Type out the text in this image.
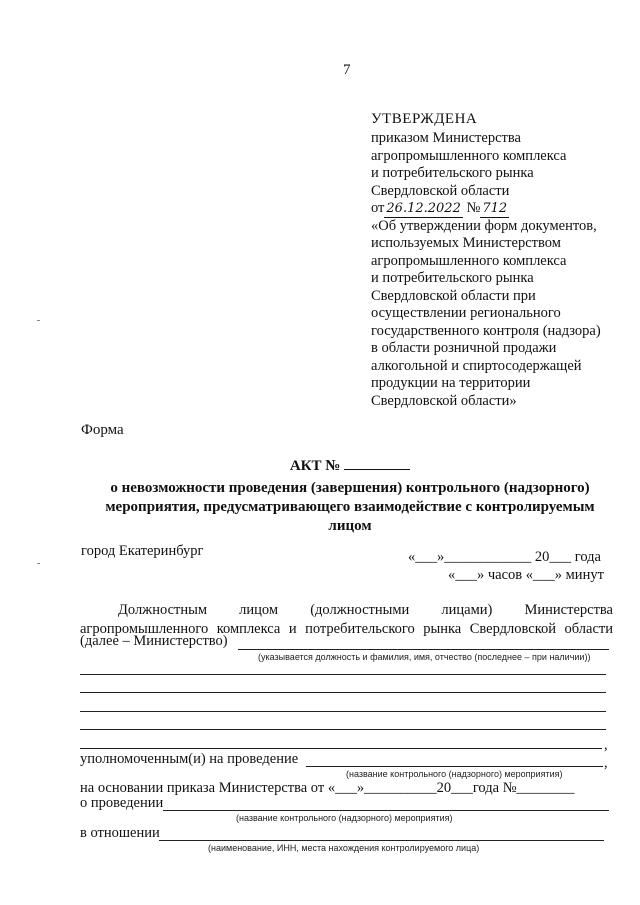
7
УТВЕРЖДЕНА
приказом Министерства
агропромышленного комплекса
и потребительского рынка
Свердловской области
от 26.12.2022 № 712
«Об утверждении форм документов,
используемых Министерством
агропромышленного комплекса
и потребительского рынка
Свердловской области при
осуществлении регионального
государственного контроля (надзора)
в области розничной продажи
алкогольной и спиртосодержащей
продукции на территории
Свердловской области»
Форма
АКТ №
о невозможности проведения (завершения) контрольного (надзорного)
мероприятия, предусматривающего взаимодействие с контролируемым
лицом
город Екатеринбург	«___»____________ 20___ года
«___» часов «___» минут
Должностным лицом (должностными лицами) Министерства
агропромышленного комплекса и потребительского рынка Свердловской области
(далее – Министерство)
(указывается должность и фамилия, имя, отчество (последнее – при наличии))
,
уполномоченным(и) на проведение	,
(название контрольного (надзорного) мероприятия)
на основании приказа Министерства от «___»__________20___года №________
о проведении
(название контрольного (надзорного) мероприятия)
в отношении
(наименование, ИНН, места нахождения контролируемого лица)
